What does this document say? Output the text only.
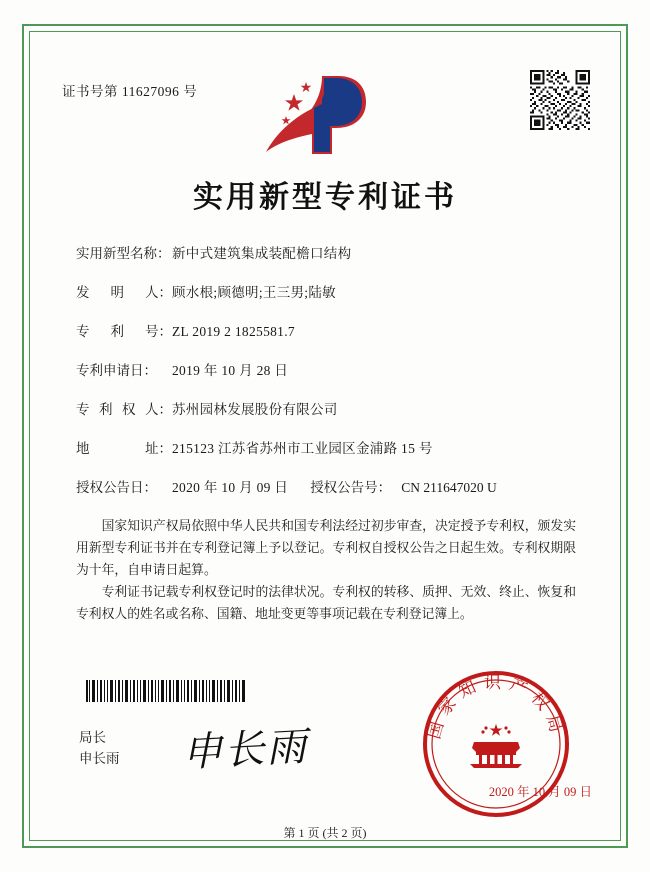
证书号第 11627096 号
实用新型专利证书
实用新型名称： 新中式建筑集成装配檐口结构
发 明 人： 顾水根;顾德明;王三男;陆敏
专 利 号： ZL 2019 2 1825581.7
专利申请日：	2019 年 10 月 28 日
专 利 权 人： 苏州园林发展股份有限公司
地	址： 215123 江苏省苏州市工业园区金浦路 15 号
授权公告日：	2020 年 10 月 09 日 授权公告号： CN 211647020 U

国家知识产权局依照中华人民共和国专利法经过初步审查，决定授予专利权，颁发实用新型专利证书并在专利登记簿上予以登记。专利权自授权公告之日起生效。专利权期限为十年，自申请日起算。

专利证书记载专利权登记时的法律状况。专利权的转移、质押、无效、终止、恢复和专利权人的姓名或名称、国籍、地址变更等事项记载在专利登记簿上。

局长
申长雨 申长雨	国家知识产权局
2020 年 10 月 09 日
第 1 页 (共 2 页)
